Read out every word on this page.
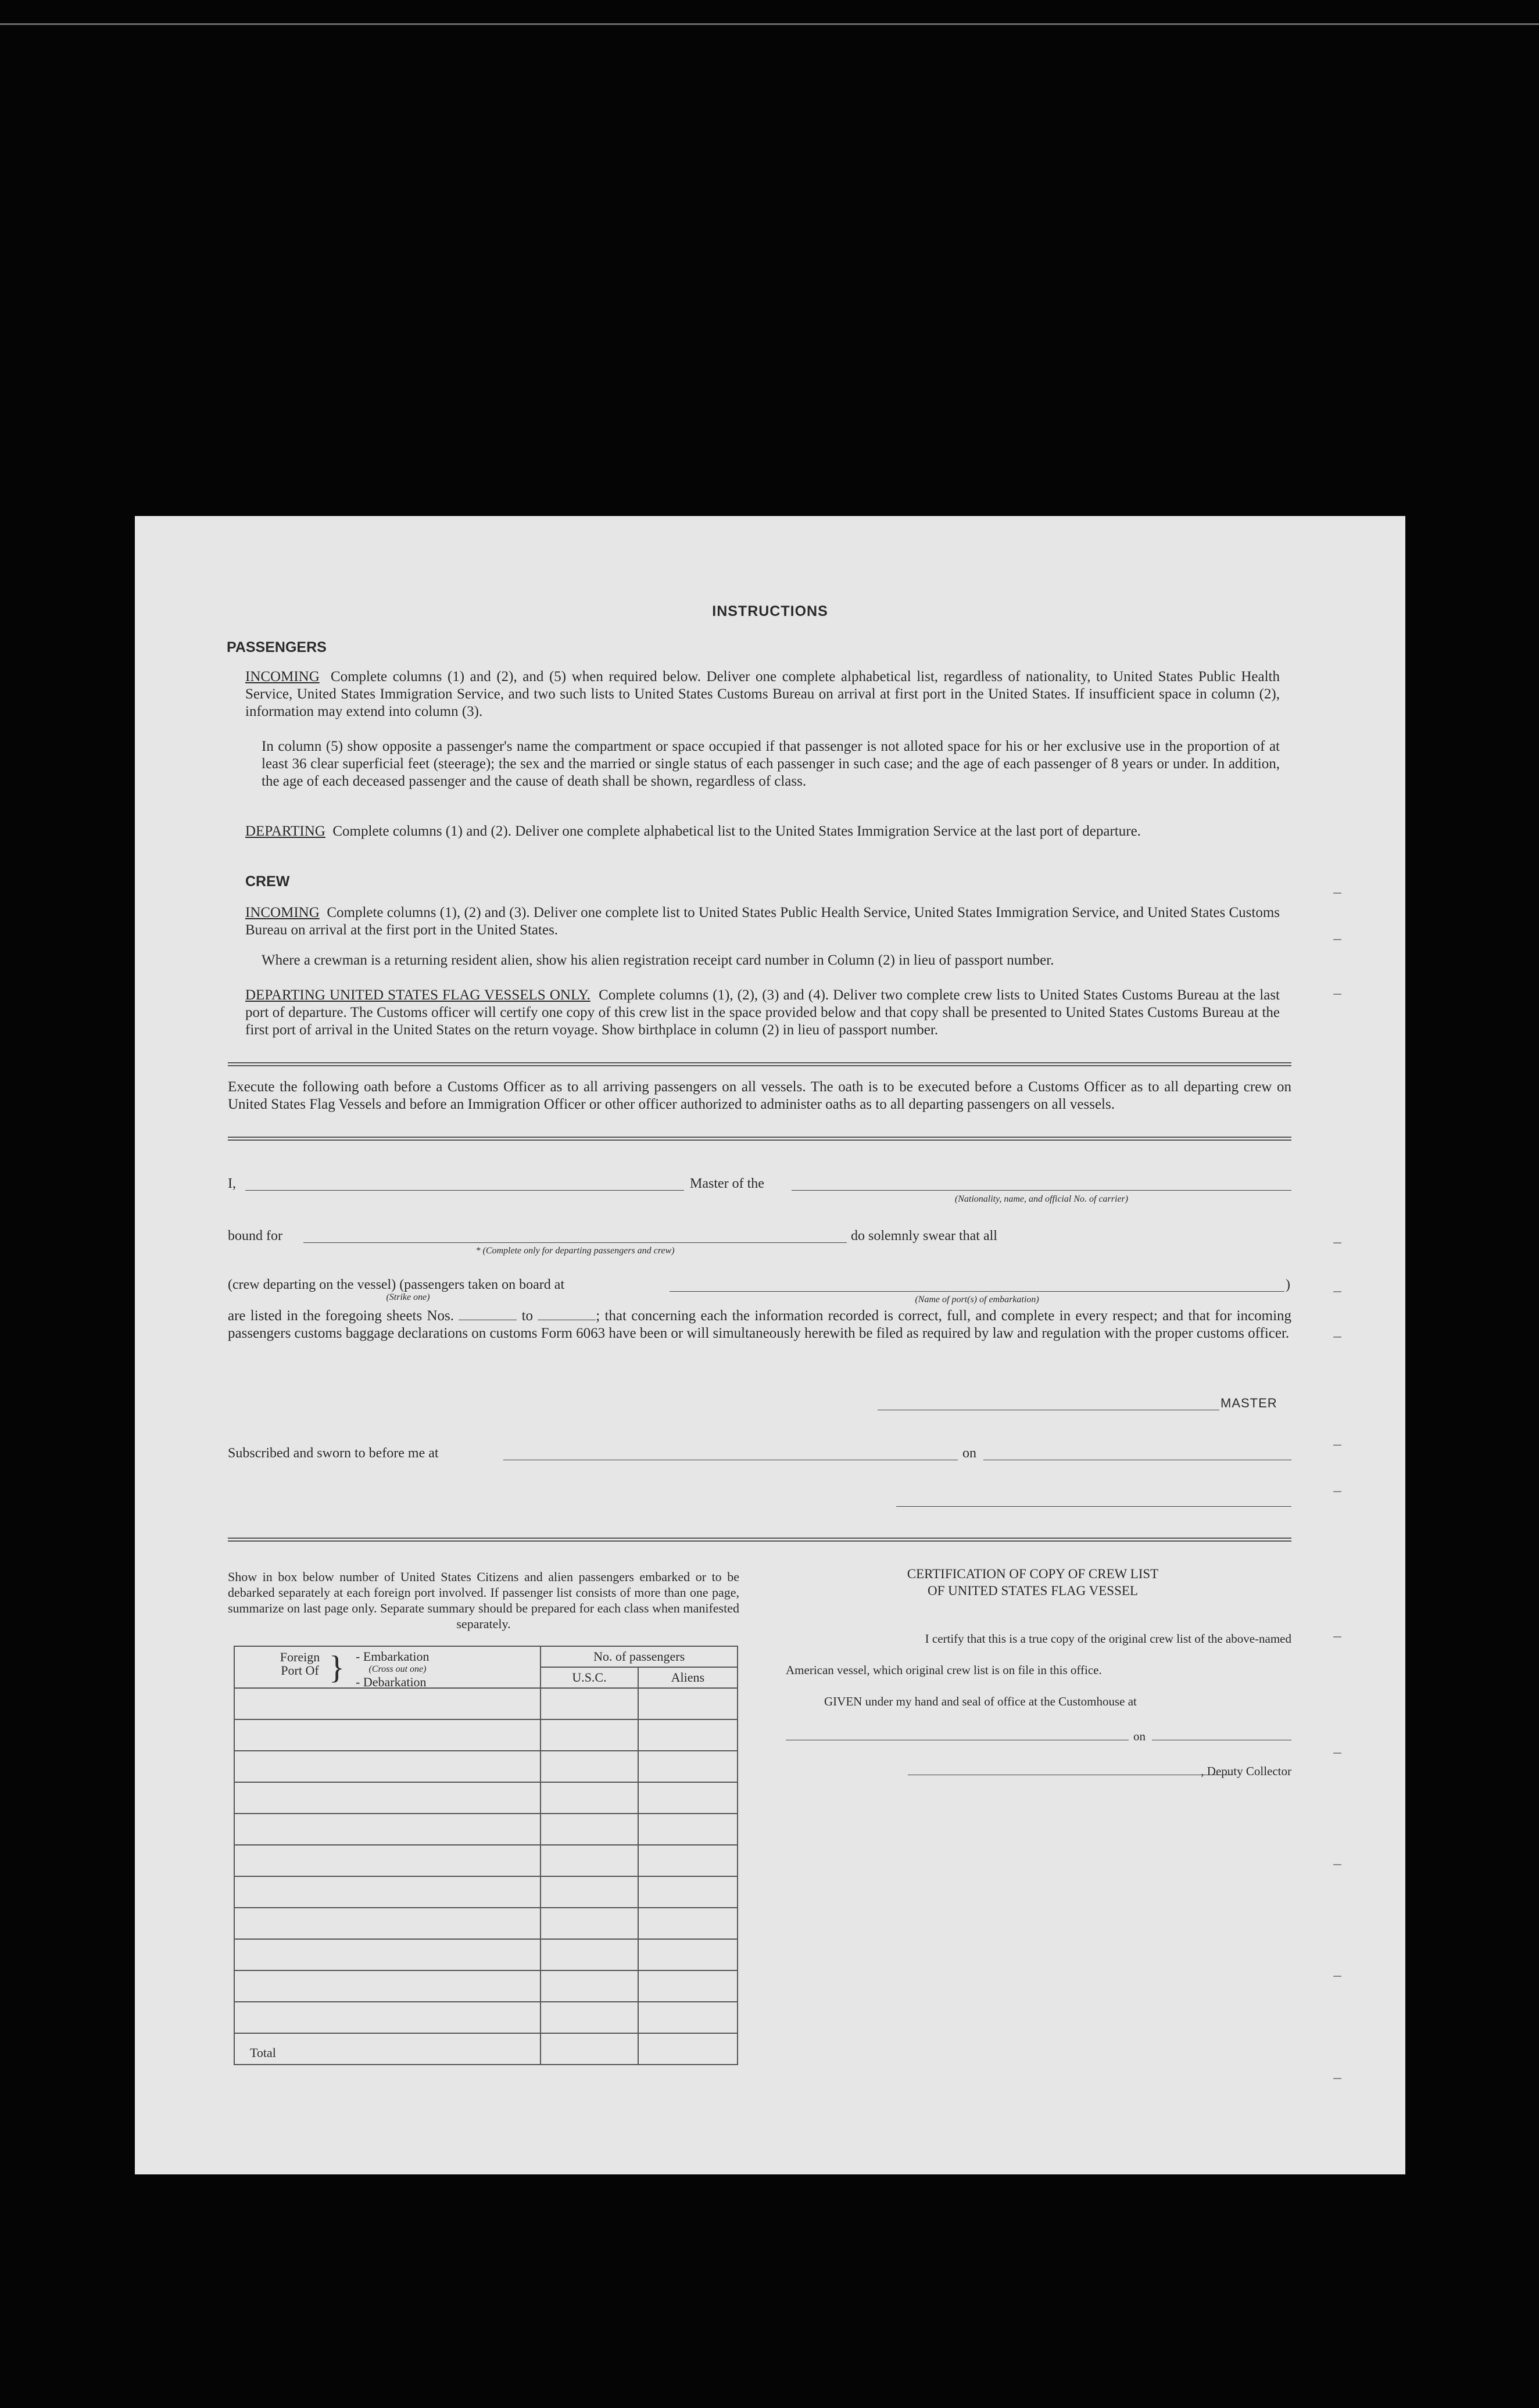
INSTRUCTIONS
PASSENGERS
INCOMING Complete columns (1) and (2), and (5) when required below. Deliver one complete alphabetical list, regardless of nationality, to United States Public Health Service, United States Immigration Service, and two such lists to United States Customs Bureau on arrival at first port in the United States. If insufficient space in column (2), information may extend into column (3).
In column (5) show opposite a passenger's name the compartment or space occupied if that passenger is not alloted space for his or her exclusive use in the proportion of at least 36 clear superficial feet (steerage); the sex and the married or single status of each passenger in such case; and the age of each passenger of 8 years or under. In addition, the age of each deceased passenger and the cause of death shall be shown, regardless of class.
DEPARTING Complete columns (1) and (2). Deliver one complete alphabetical list to the United States Immigration Service at the last port of departure.
CREW
INCOMING Complete columns (1), (2) and (3). Deliver one complete list to United States Public Health Service, United States Immigration Service, and United States Customs Bureau on arrival at the first port in the United States.
Where a crewman is a returning resident alien, show his alien registration receipt card number in Column (2) in lieu of passport number.
DEPARTING UNITED STATES FLAG VESSELS ONLY. Complete columns (1), (2), (3) and (4). Deliver two complete crew lists to United States Customs Bureau at the last port of departure. The Customs officer will certify one copy of this crew list in the space provided below and that copy shall be presented to United States Customs Bureau at the first port of arrival in the United States on the return voyage. Show birthplace in column (2) in lieu of passport number.
Execute the following oath before a Customs Officer as to all arriving passengers on all vessels. The oath is to be executed before a Customs Officer as to all departing crew on United States Flag Vessels and before an Immigration Officer or other officer authorized to administer oaths as to all departing passengers on all vessels.
I,	Master of the
(Nationality, name, and official No. of carrier)
bound for
* (Complete only for departing passengers and crew)
do solemnly swear that all
(crew departing on the vessel) (passengers taken on board at
(Strike one)	(Name of port(s) of embarkation)
)
are listed in the foregoing sheets Nos.	to	; that concerning each the information recorded is correct, full, and complete in every respect; and that for incoming passengers customs baggage declarations on customs Form 6063 have been or will simultaneously herewith be filed as required by law and regulation with the proper customs officer.
MASTER
Subscribed and sworn to before me at	on
Show in box below number of United States Citizens and alien passengers embarked or to be debarked separately at each foreign port involved. If passenger list consists of more than one page, summarize on last page only. Separate summary should be prepared for each class when manifested separately.
Foreign Port Of } - Embarkation
(Cross out one)
- Debarkation	No. of passengers	
	U.S.C.	Aliens

Total		
CERTIFICATION OF COPY OF CREW LIST
OF UNITED STATES FLAG VESSEL
I certify that this is a true copy of the original crew list of the above-named
American vessel, which original crew list is on file in this office.
GIVEN under my hand and seal of office at the Customhouse at
on
, Deputy Collector
